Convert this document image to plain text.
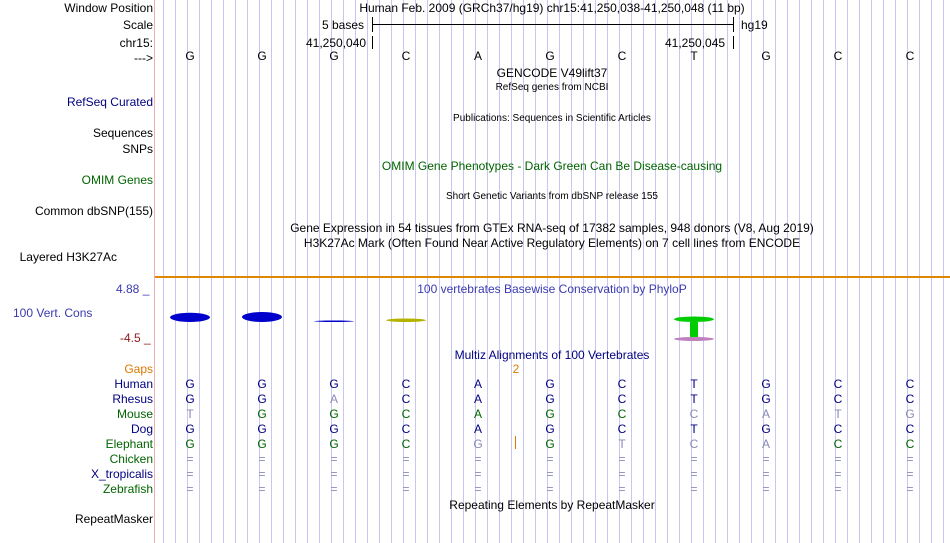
Window Position
Scale
chr15:
--->
Human Feb. 2009 (GRCh37/hg19) chr15:41,250,038-41,250,048 (11 bp)
5 bases	hg19
41,250,040	41,250,045
G	G	G	C	A	G	C	T	G	C	C
GENCODE V49lift37
RefSeq genes from NCBI
RefSeq Curated
Publications: Sequences in Scientific Articles
Sequences
SNPs
OMIM Gene Phenotypes - Dark Green Can Be Disease-causing
OMIM Genes
Short Genetic Variants from dbSNP release 155
Common dbSNP(155)
Gene Expression in 54 tissues from GTEx RNA-seq of 17382 samples, 948 donors (V8, Aug 2019)
H3K27Ac Mark (Often Found Near Active Regulatory Elements) on 7 cell lines from ENCODE
Layered H3K27Ac
4.88 _	100 vertebrates Basewise Conservation by PhyloP
100 Vert. Cons
-4.5 _
Multiz Alignments of 100 Vertebrates
Gaps	2
Human	G	G	G	C	A	G	C	T	G	C	C
Rhesus	G	G	A	C	A	G	C	T	G	C	C
Mouse	T	G	G	C	A	G	C	C	A	T	G
Dog	G	G	G	C	A	G	C	T	G	C	C
Elephant	G	G	G	C	G	G	T	C	A	C	C
Chicken	=	=	=	=	=	=	=	=	=	=	=
X_tropicalis	=	=	=	=	=	=	=	=	=	=	=
Zebrafish	=	=	=	=	=	=	=	=	=	=	=
Repeating Elements by RepeatMasker
RepeatMasker
